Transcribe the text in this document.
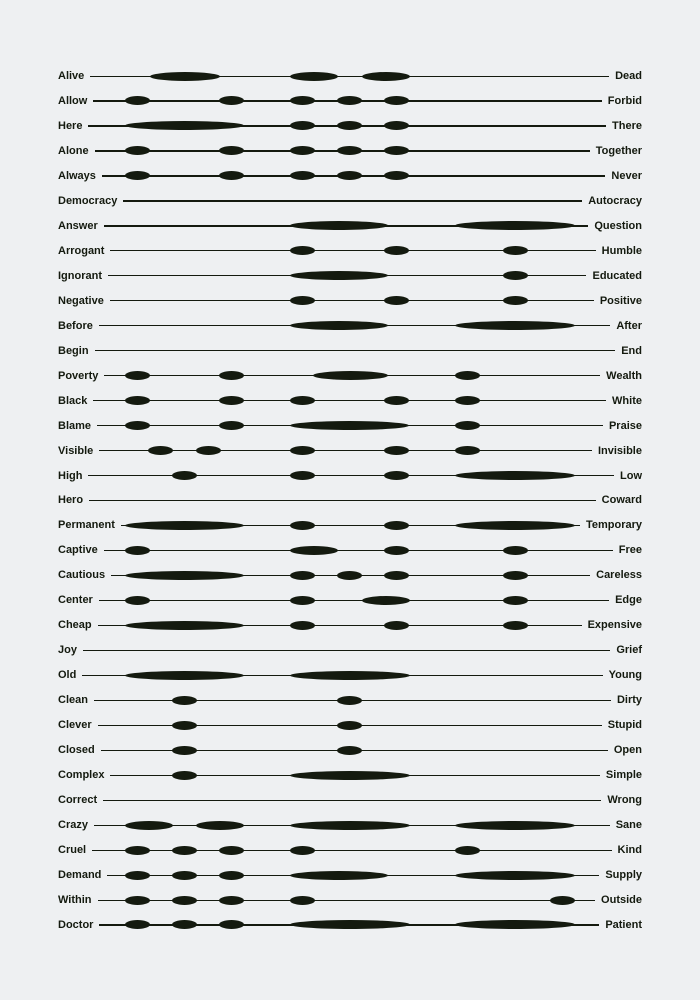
Alive	Dead
Allow	Forbid
Here	There
Alone	Together
Always	Never
Democracy	Autocracy
Answer	Question
Arrogant	Humble
Ignorant	Educated
Negative	Positive
Before	After
Begin	End
Poverty	Wealth
Black	White
Blame	Praise
Visible	Invisible
High	Low
Hero	Coward
Permanent	Temporary
Captive	Free
Cautious	Careless
Center	Edge
Cheap	Expensive
Joy	Grief
Old	Young
Clean	Dirty
Clever	Stupid
Closed	Open
Complex	Simple
Correct	Wrong
Crazy	Sane
Cruel	Kind
Demand	Supply
Within	Outside
Doctor	Patient
